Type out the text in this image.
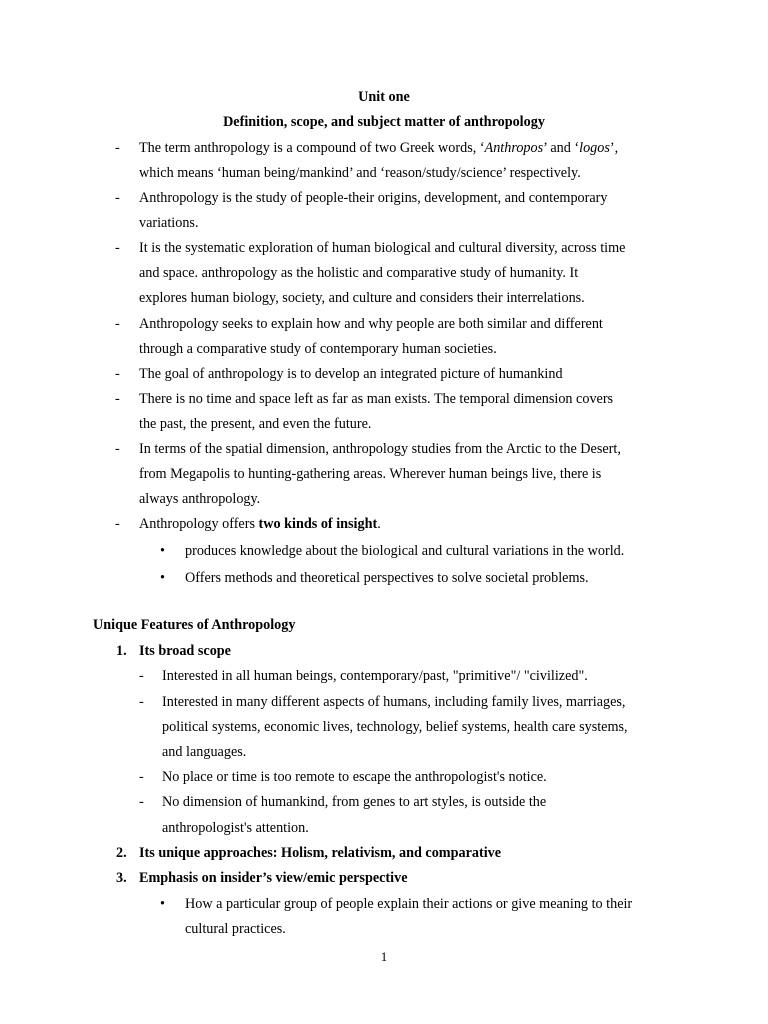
Unit one
Definition, scope, and subject matter of anthropology
- The term anthropology is a compound of two Greek words, ‘Anthropos’ and ‘logos’,
which means ‘human being/mankind’ and ‘reason/study/science’ respectively.
- Anthropology is the study of people-their origins, development, and contemporary
variations.
- It is the systematic exploration of human biological and cultural diversity, across time
and space. anthropology as the holistic and comparative study of humanity. It
explores human biology, society, and culture and considers their interrelations.
- Anthropology seeks to explain how and why people are both similar and different
through a comparative study of contemporary human societies.
- The goal of anthropology is to develop an integrated picture of humankind
- There is no time and space left as far as man exists. The temporal dimension covers
the past, the present, and even the future.
- In terms of the spatial dimension, anthropology studies from the Arctic to the Desert,
from Megapolis to hunting-gathering areas. Wherever human beings live, there is
always anthropology.
- Anthropology offers two kinds of insight.
• produces knowledge about the biological and cultural variations in the world.
• Offers methods and theoretical perspectives to solve societal problems.
Unique Features of Anthropology
1. Its broad scope
- Interested in all human beings, contemporary/past, "primitive"/ "civilized".
- Interested in many different aspects of humans, including family lives, marriages,
political systems, economic lives, technology, belief systems, health care systems,
and languages.
- No place or time is too remote to escape the anthropologist's notice.
- No dimension of humankind, from genes to art styles, is outside the
anthropologist's attention.
2. Its unique approaches: Holism, relativism, and comparative
3. Emphasis on insider’s view/emic perspective
• How a particular group of people explain their actions or give meaning to their
cultural practices.
1
